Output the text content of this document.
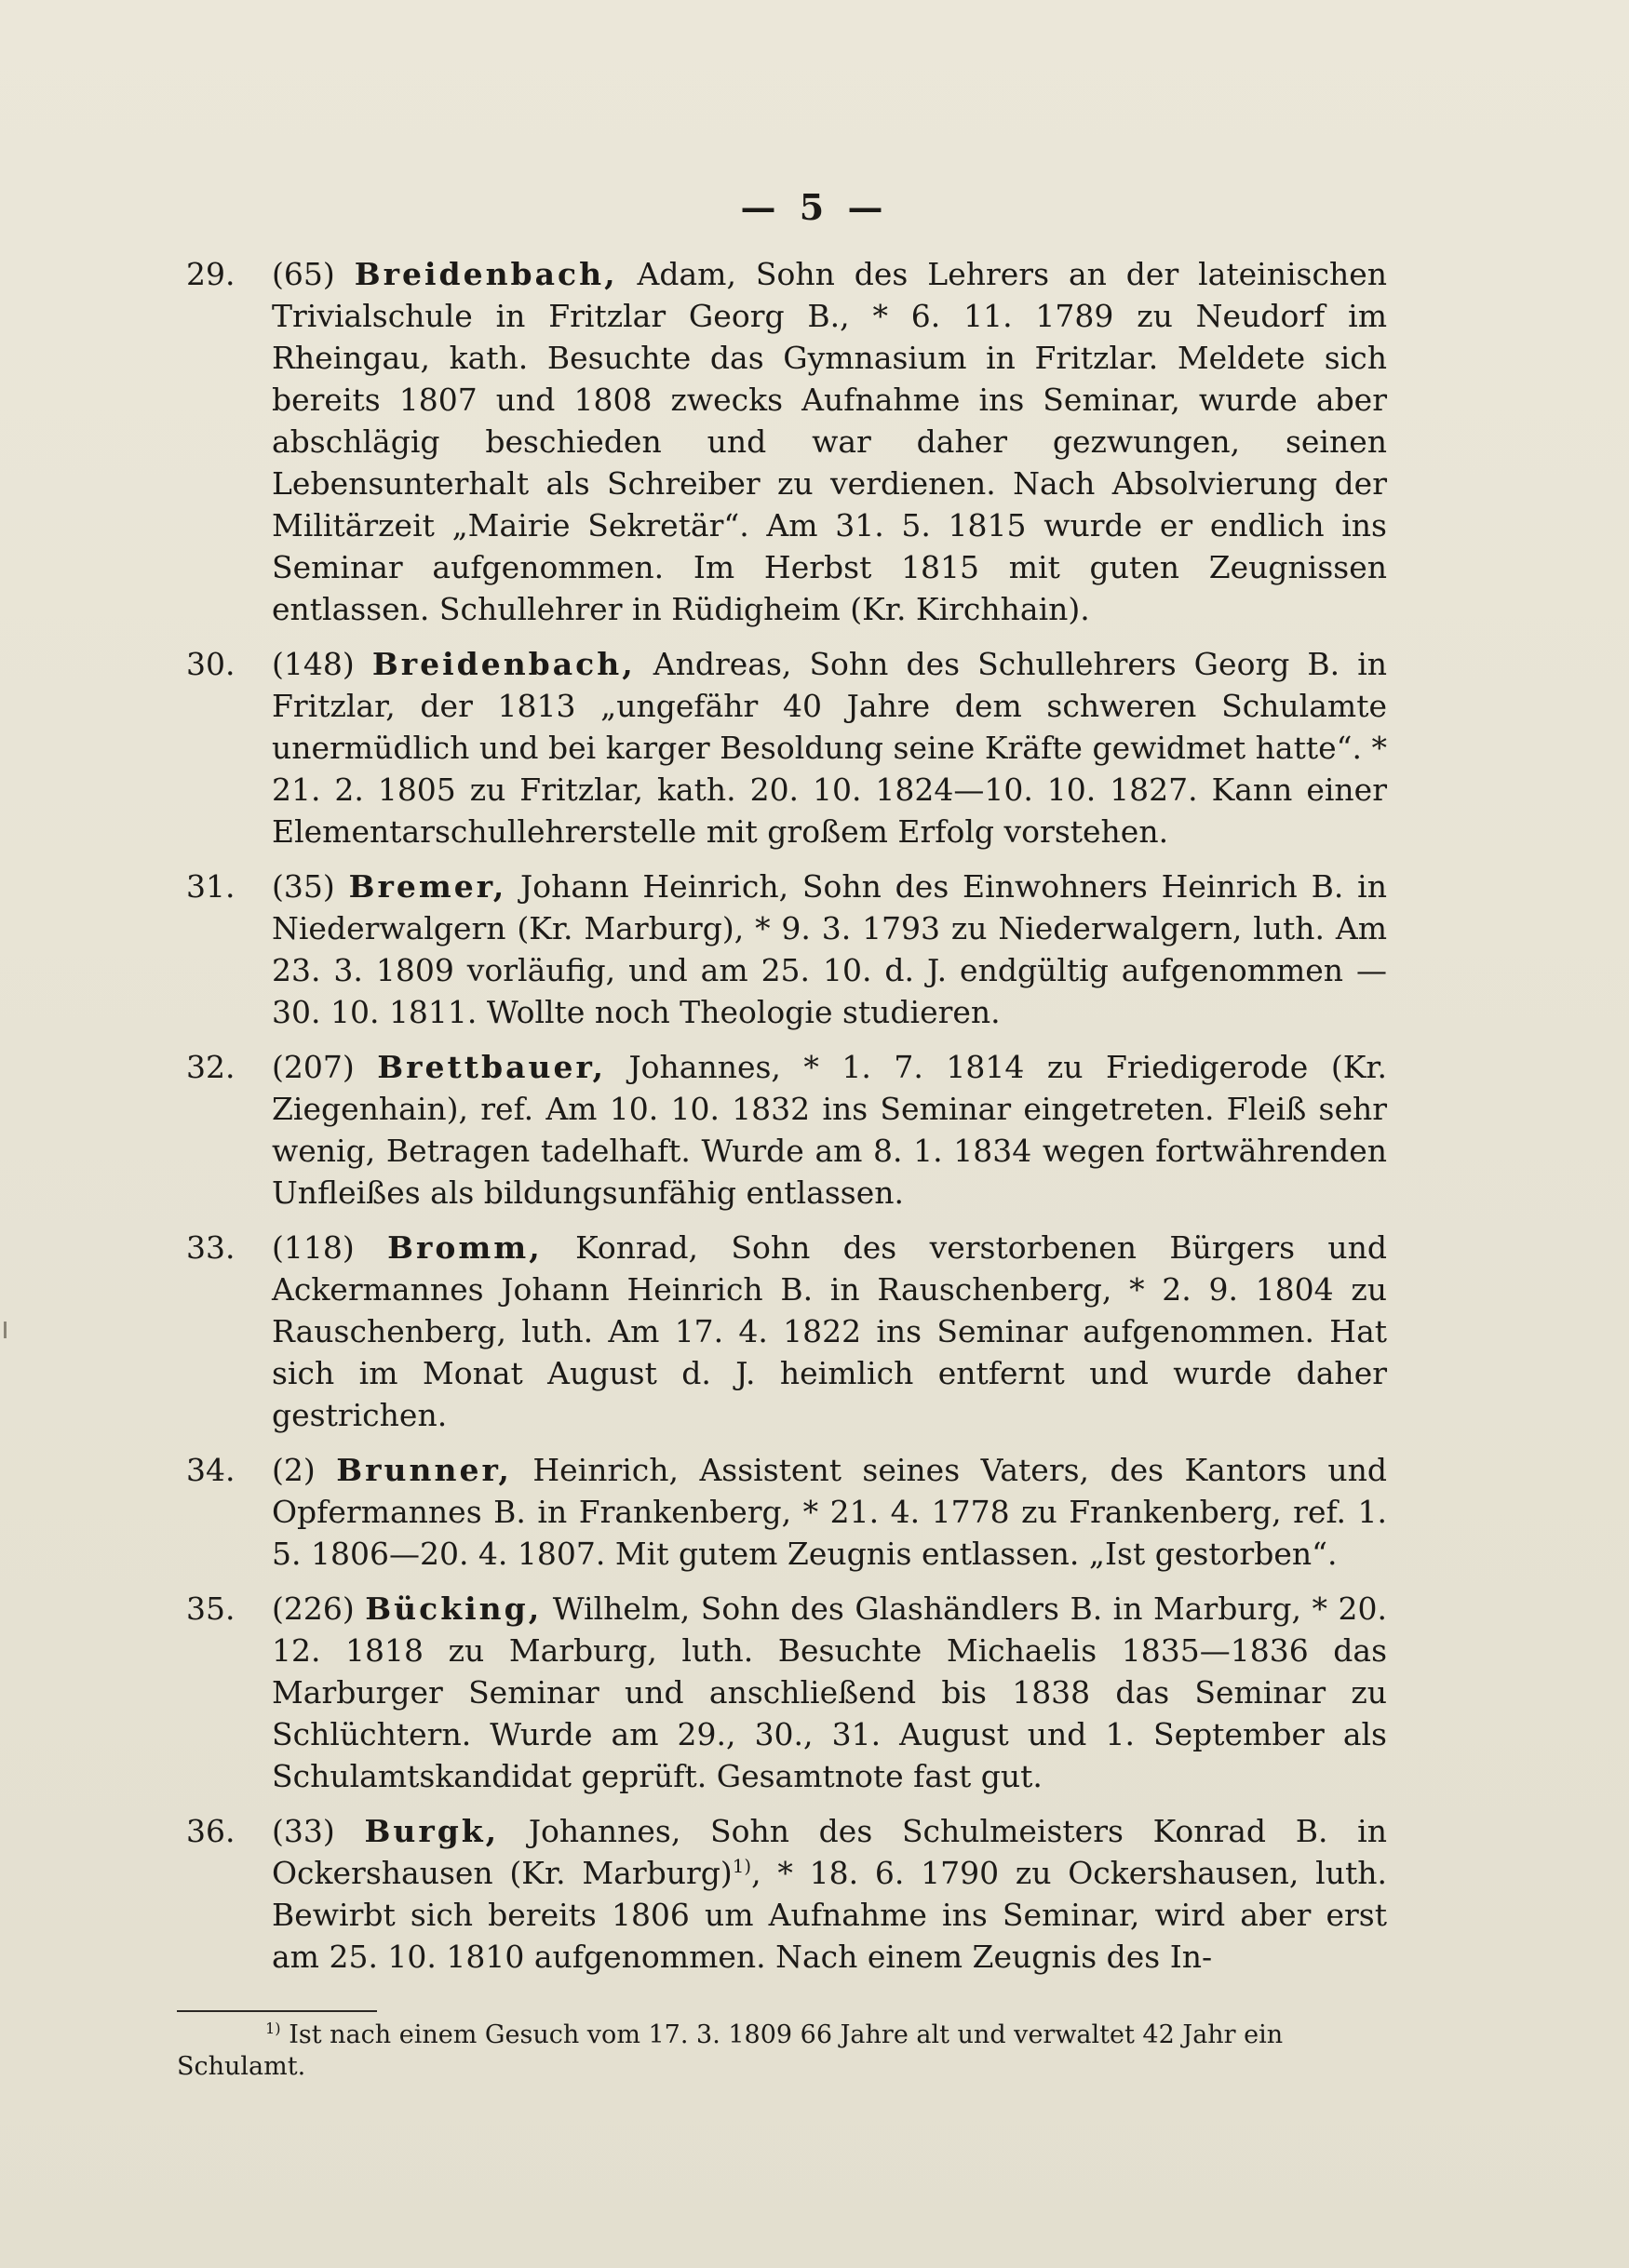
— 5 —
29. (65) Breidenbach, Adam, Sohn des Lehrers an der lateinischen Trivialschule in Fritzlar Georg B., * 6. 11. 1789 zu Neudorf im Rheingau, kath. Besuchte das Gymnasium in Fritzlar. Meldete sich bereits 1807 und 1808 zwecks Aufnahme ins Seminar, wurde aber abschlägig beschieden und war daher gezwungen, seinen Lebensunterhalt als Schreiber zu verdienen. Nach Absolvierung der Militärzeit „Mairie Sekretär“. Am 31. 5. 1815 wurde er endlich ins Seminar aufgenommen. Im Herbst 1815 mit guten Zeugnissen entlassen. Schullehrer in Rüdigheim (Kr. Kirchhain).
30. (148) Breidenbach, Andreas, Sohn des Schullehrers Georg B. in Fritzlar, der 1813 „ungefähr 40 Jahre dem schweren Schulamte unermüdlich und bei karger Besoldung seine Kräfte gewidmet hatte“. * 21. 2. 1805 zu Fritzlar, kath. 20. 10. 1824—10. 10. 1827. Kann einer Elementarschullehrerstelle mit großem Erfolg vorstehen.
31. (35) Bremer, Johann Heinrich, Sohn des Einwohners Heinrich B. in Niederwalgern (Kr. Marburg), * 9. 3. 1793 zu Niederwalgern, luth. Am 23. 3. 1809 vorläufig, und am 25. 10. d. J. endgültig aufgenommen —30. 10. 1811. Wollte noch Theologie studieren.
32. (207) Brettbauer, Johannes, * 1. 7. 1814 zu Friedigerode (Kr. Ziegenhain), ref. Am 10. 10. 1832 ins Seminar eingetreten. Fleiß sehr wenig, Betragen tadelhaft. Wurde am 8. 1. 1834 wegen fortwährenden Unfleißes als bildungsunfähig entlassen.
33. (118) Bromm, Konrad, Sohn des verstorbenen Bürgers und Ackermannes Johann Heinrich B. in Rauschenberg, * 2. 9. 1804 zu Rauschenberg, luth. Am 17. 4. 1822 ins Seminar aufgenommen. Hat sich im Monat August d. J. heimlich entfernt und wurde daher gestrichen.
34. (2) Brunner, Heinrich, Assistent seines Vaters, des Kantors und Opfermannes B. in Frankenberg, * 21. 4. 1778 zu Frankenberg, ref. 1. 5. 1806—20. 4. 1807. Mit gutem Zeugnis entlassen. „Ist gestorben“.
35. (226) Bücking, Wilhelm, Sohn des Glashändlers B. in Marburg, * 20. 12. 1818 zu Marburg, luth. Besuchte Michaelis 1835—1836 das Marburger Seminar und anschließend bis 1838 das Seminar zu Schlüchtern. Wurde am 29., 30., 31. August und 1. September als Schulamtskandidat geprüft. Gesamtnote fast gut.
36. (33) Burgk, Johannes, Sohn des Schulmeisters Konrad B. in Ockershausen (Kr. Marburg)$^{1)}$, * 18. 6. 1790 zu Ockershausen, luth. Bewirbt sich bereits 1806 um Aufnahme ins Seminar, wird aber erst am 25. 10. 1810 aufgenommen. Nach einem Zeugnis des In-
$^{1)}$ Ist nach einem Gesuch vom 17. 3. 1809 66 Jahre alt und verwaltet 42 Jahr ein Schulamt.
